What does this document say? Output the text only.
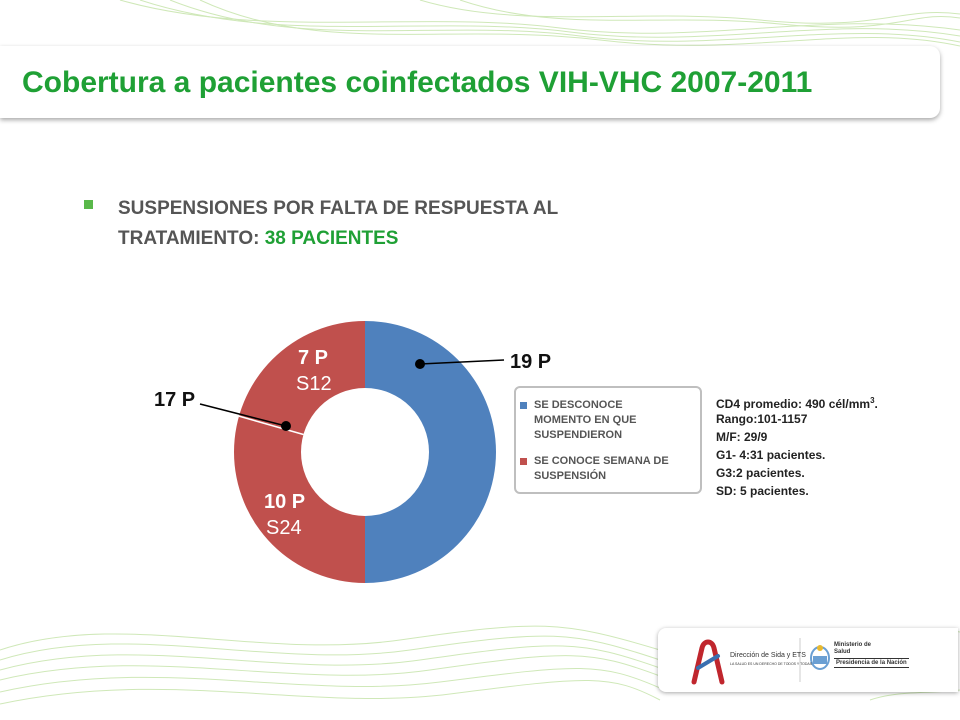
Cobertura a pacientes coinfectados VIH-VHC 2007-2011

SUSPENSIONES POR FALTA DE RESPUESTA AL
TRATAMIENTO: 38 PACIENTES

19 P
17 P
7 P
S12
10 P
S24
SE DESCONOCE
MOMENTO EN QUE
SUSPENDIERON
SE CONOCE SEMANA DE
SUSPENSIÓN
CD4 promedio: 490 cél/$mm^3$.
Rango:101-1157
M/F: 29/9
G1- 4:31 pacientes.
G3:2 pacientes.
SD: 5 pacientes.
Dirección de Sida y ETS
LA SALUD ES UN DERECHO DE TODOS Y TODAS
Ministerio de
Salud
Presidencia de la Nación
